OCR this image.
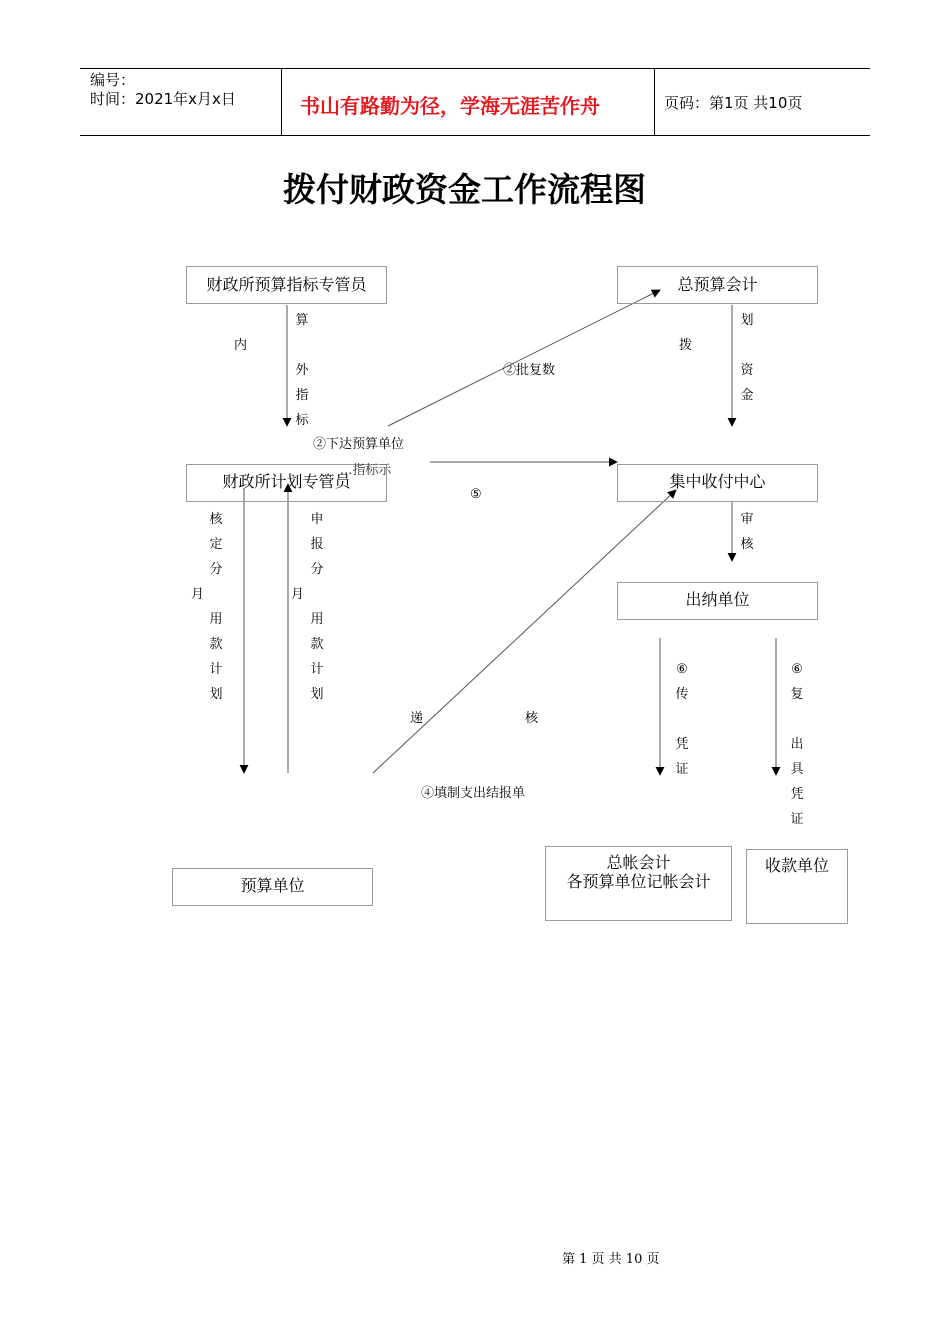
编号：
时间：2021年x月x日	书山有路勤为径，学海无涯苦作舟	页码：第1页 共10页
拨付财政资金工作流程图
财政所预算指标专管员	总预算会计
财政所计划专管员	集中收付中心
出纳单位
预算单位
总帐会计
各预算单位记帐会计
收款单位
内
算
外
指
标
拨
划
资
金
②批复数
②下达预算单位
...指标示
⑤
核
定
分
用
款
计
划
月
申
报
分
用
款
计
划
月
审
核
⑥
传
凭
证
⑥
复
出
具
凭
证
递	核
④填制支出结报单
第 1 页 共 10 页
